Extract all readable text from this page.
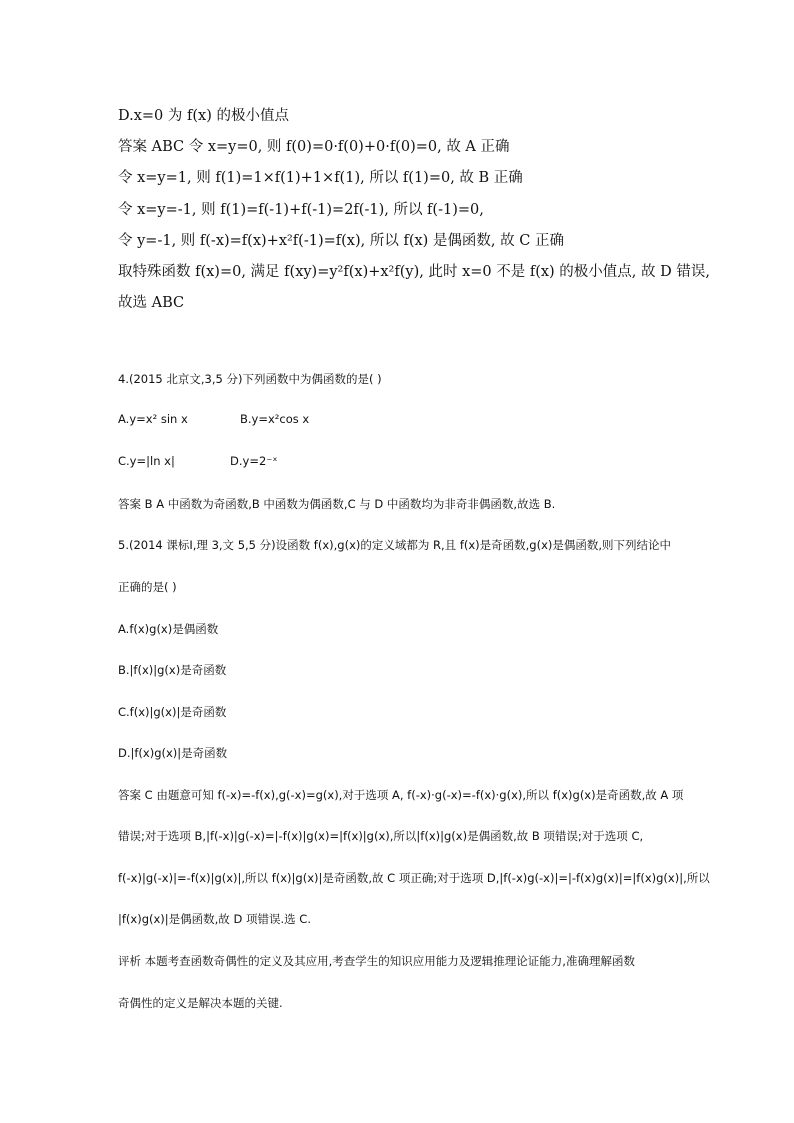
D.x=0 为 f(x) 的极小值点
答案 ABC 令 x=y=0, 则 f(0)=0·f(0)+0·f(0)=0, 故 A 正确
令 x=y=1, 则 f(1)=1×f(1)+1×f(1), 所以 f(1)=0, 故 B 正确
令 x=y=-1, 则 f(1)=f(-1)+f(-1)=2f(-1), 所以 f(-1)=0,
令 y=-1, 则 f(-x)=f(x)+x²f(-1)=f(x), 所以 f(x) 是偶函数, 故 C 正确
取特殊函数 f(x)=0, 满足 f(xy)=y²f(x)+x²f(y), 此时 x=0 不是 f(x) 的极小值点, 故 D 错误,
故选 ABC
4.(2015 北京文,3,5 分)下列函数中为偶函数的是( )
A.y=x² sin x	B.y=x²cos x
C.y=|ln x|	D.y=2⁻ˣ
答案 B A 中函数为奇函数,B 中函数为偶函数,C 与 D 中函数均为非奇非偶函数,故选 B.
5.(2014 课标Ⅰ,理 3,文 5,5 分)设函数 f(x),g(x)的定义域都为 R,且 f(x)是奇函数,g(x)是偶函数,则下列结论中
正确的是( )
A.f(x)g(x)是偶函数
B.|f(x)|g(x)是奇函数
C.f(x)|g(x)|是奇函数
D.|f(x)g(x)|是奇函数
答案 C 由题意可知 f(-x)=-f(x),g(-x)=g(x),对于选项 A, f(-x)·g(-x)=-f(x)·g(x),所以 f(x)g(x)是奇函数,故 A 项
错误;对于选项 B,|f(-x)|g(-x)=|-f(x)|g(x)=|f(x)|g(x),所以|f(x)|g(x)是偶函数,故 B 项错误;对于选项 C,
f(-x)|g(-x)|=-f(x)|g(x)|,所以 f(x)|g(x)|是奇函数,故 C 项正确;对于选项 D,|f(-x)g(-x)|=|-f(x)g(x)|=|f(x)g(x)|,所以
|f(x)g(x)|是偶函数,故 D 项错误.选 C.
评析 本题考查函数奇偶性的定义及其应用,考查学生的知识应用能力及逻辑推理论证能力,准确理解函数
奇偶性的定义是解决本题的关键.
